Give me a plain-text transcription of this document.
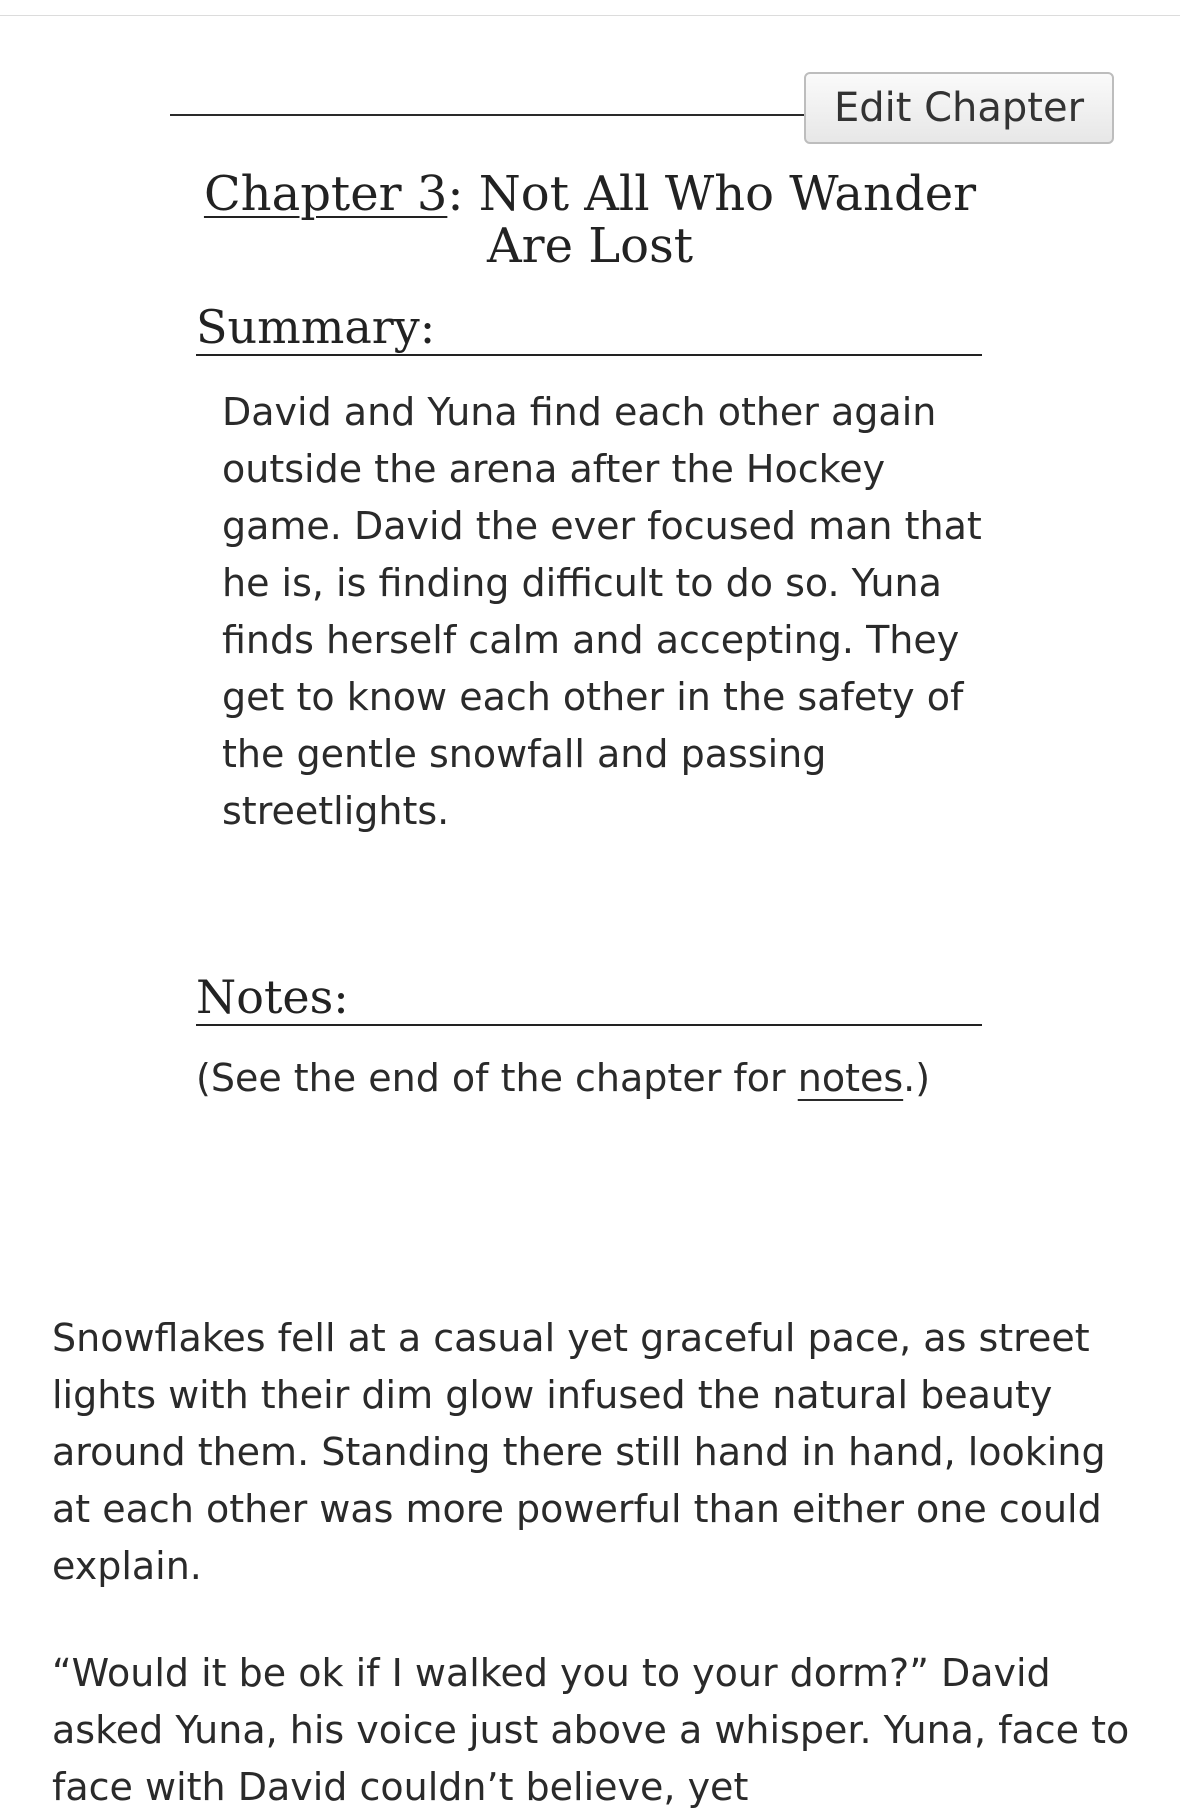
Edit Chapter
Chapter 3: Not All Who Wander Are Lost
Summary:

David and Yuna find each other again outside the arena after the Hockey game. David the ever focused man that he is, is finding difficult to do so. Yuna finds herself calm and accepting. They get to know each other in the safety of the gentle snowfall and passing streetlights.

Notes:

(See the end of the chapter for notes.)

Snowflakes fell at a casual yet graceful pace, as street lights with their dim glow infused the natural beauty around them. Standing there still hand in hand, looking at each other was more powerful than either one could explain.

“Would it be ok if I walked you to your dorm?” David asked Yuna, his voice just above a whisper. Yuna, face to face with David couldn’t believe, yet
